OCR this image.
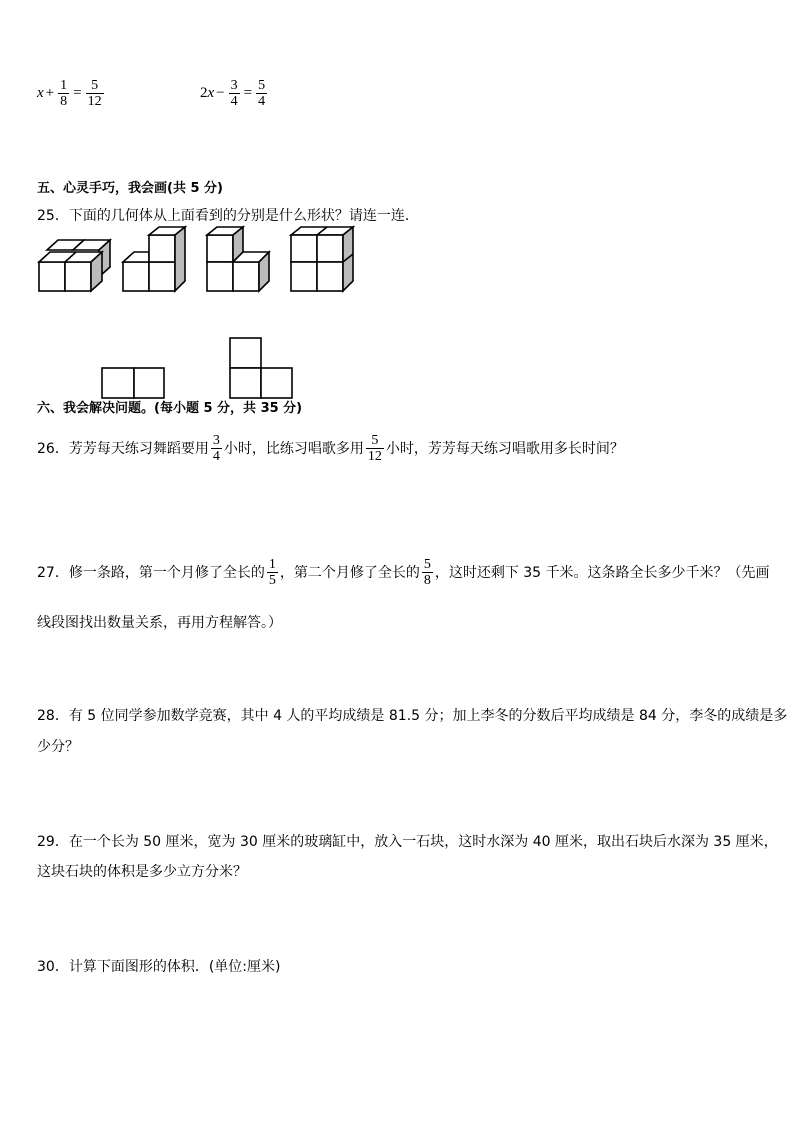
$x + \frac{1}{8} = \frac{5}{12}$	2 $x - \frac{3}{4} = \frac{5}{4}$
五、心灵手巧，我会画(共 5 分)
25．下面的几何体从上面看到的分别是什么形状？请连一连．
六、我会解决问题。(每小题 5 分，共 35 分)
26．芳芳每天练习舞蹈要用 $\frac{3}{4}$ 小时，比练习唱歌多用 $\frac{5}{12}$ 小时，芳芳每天练习唱歌用多长时间？
27．修一条路，第一个月修了全长的 $\frac{1}{5}$ ，第二个月修了全长的 $\frac{5}{8}$ ，这时还剩下 35 千米。这条路全长多少千米？（先画
线段图找出数量关系，再用方程解答。）
28．有 5 位同学参加数学竞赛，其中 4 人的平均成绩是 81.5 分；加上李冬的分数后平均成绩是 84 分，李冬的成绩是多
少分？
29．在一个长为 50 厘米，宽为 30 厘米的玻璃缸中，放入一石块，这时水深为 40 厘米，取出石块后水深为 35 厘米，
这块石块的体积是多少立方分米？
30．计算下面图形的体积．(单位:厘米)
